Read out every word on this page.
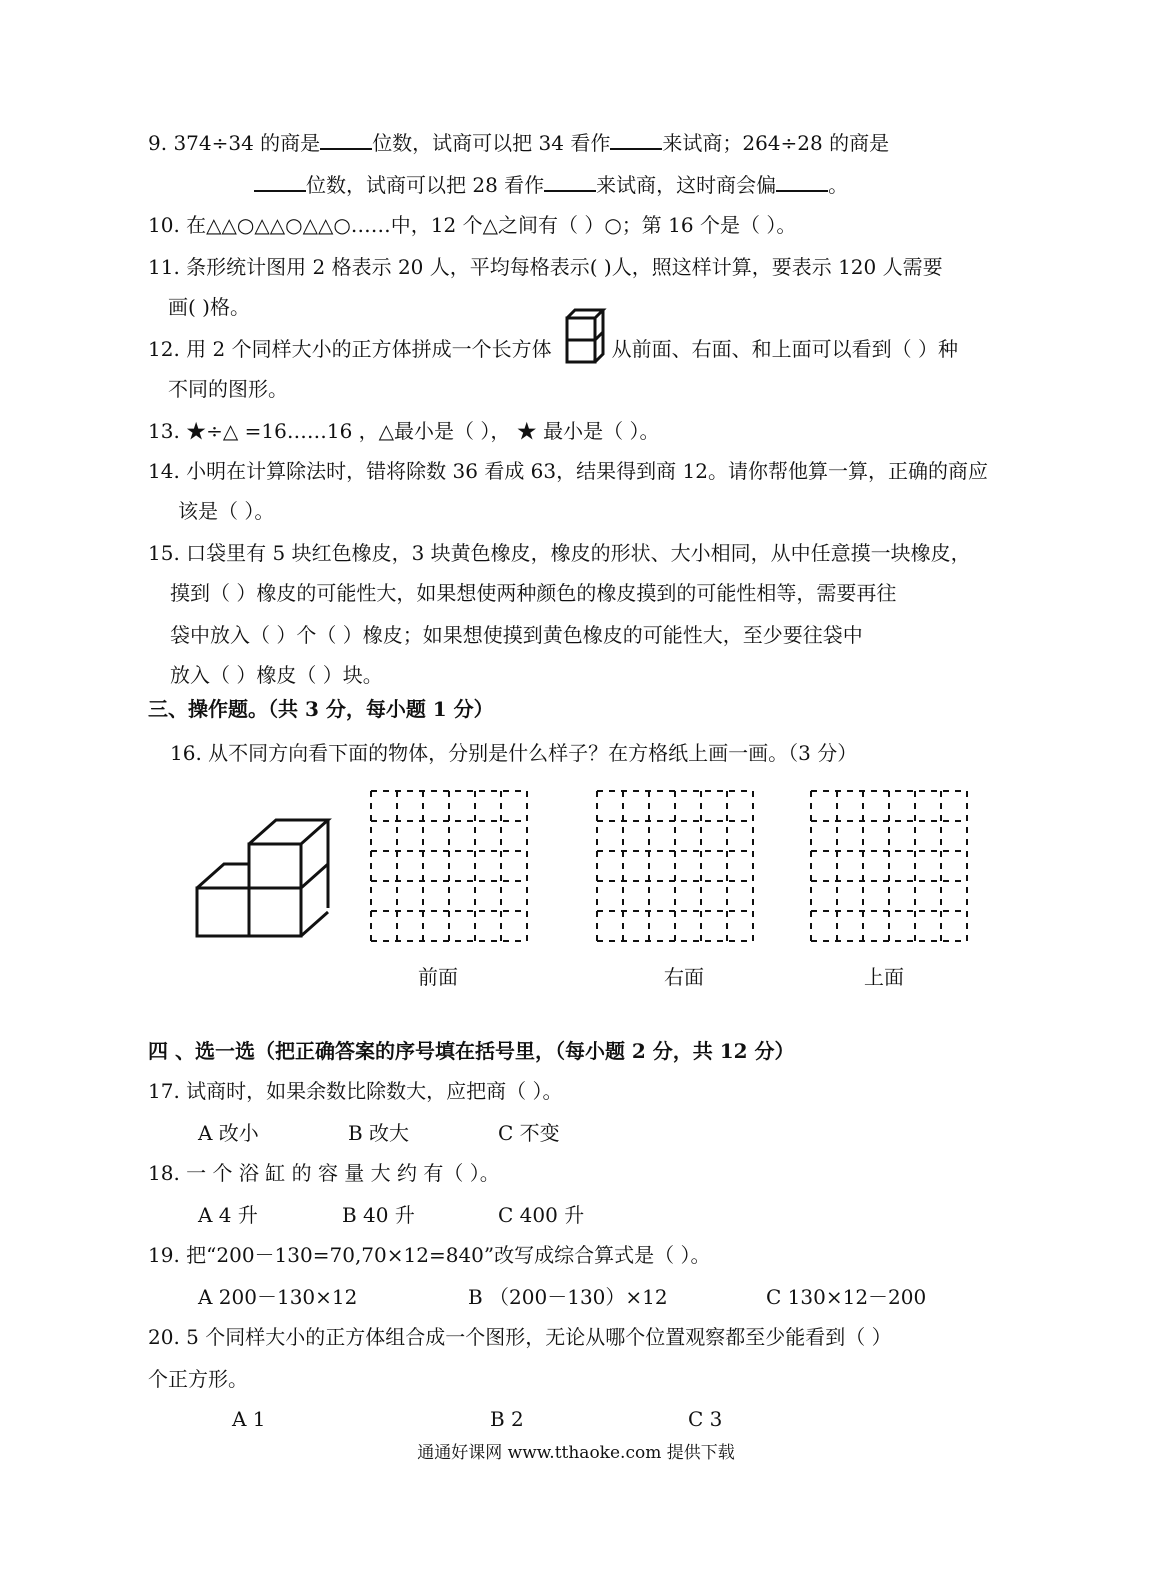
9. 374÷34 的商是	位数，试商可以把 34 看作	来试商；264÷28 的商是
位数，试商可以把 28 看作	来试商，这时商会偏	。
10. 在△△○△△○△△○……中，12 个△之间有（ ）○；第 16 个是（ ）。
11. 条形统计图用 2 格表示 20 人，平均每格表示( )人，照这样计算，要表示 120 人需要
画( )格。
12. 用 2 个同样大小的正方体拼成一个长方体 ，从前面、右面、和上面可以看到（ ）种
不同的图形。
13. ★÷△ =16……16 ，△最小是（ ）， ★ 最小是（ ）。
14. 小明在计算除法时，错将除数 36 看成 63，结果得到商 12。请你帮他算一算，正确的商应
该是（ ）。
15. 口袋里有 5 块红色橡皮，3 块黄色橡皮，橡皮的形状、大小相同，从中任意摸一块橡皮，
摸到（ ）橡皮的可能性大，如果想使两种颜色的橡皮摸到的可能性相等，需要再往
袋中放入（ ）个（ ）橡皮；如果想使摸到黄色橡皮的可能性大，至少要往袋中
放入（ ）橡皮（ ）块。
三、操作题。（共 3 分，每小题 1 分）
16. 从不同方向看下面的物体，分别是什么样子？在方格纸上画一画。（3 分）
前面	右面	上面
四 、选一选（把正确答案的序号填在括号里，（每小题 2 分，共 12 分）
17. 试商时，如果余数比除数大，应把商（ ）。
A 改小	B 改大	C 不变
18. 一 个 浴 缸 的 容 量 大 约 有（ ）。
A 4 升	B 40 升	C 400 升
19. 把“200－130=70,70×12=840”改写成综合算式是（ ）。
A 200－130×12	B （200－130）×12	C 130×12－200
20. 5 个同样大小的正方体组合成一个图形，无论从哪个位置观察都至少能看到（ ）
个正方形。
A 1	B 2	C 3
通通好课网 www.tthaoke.com 提供下载
